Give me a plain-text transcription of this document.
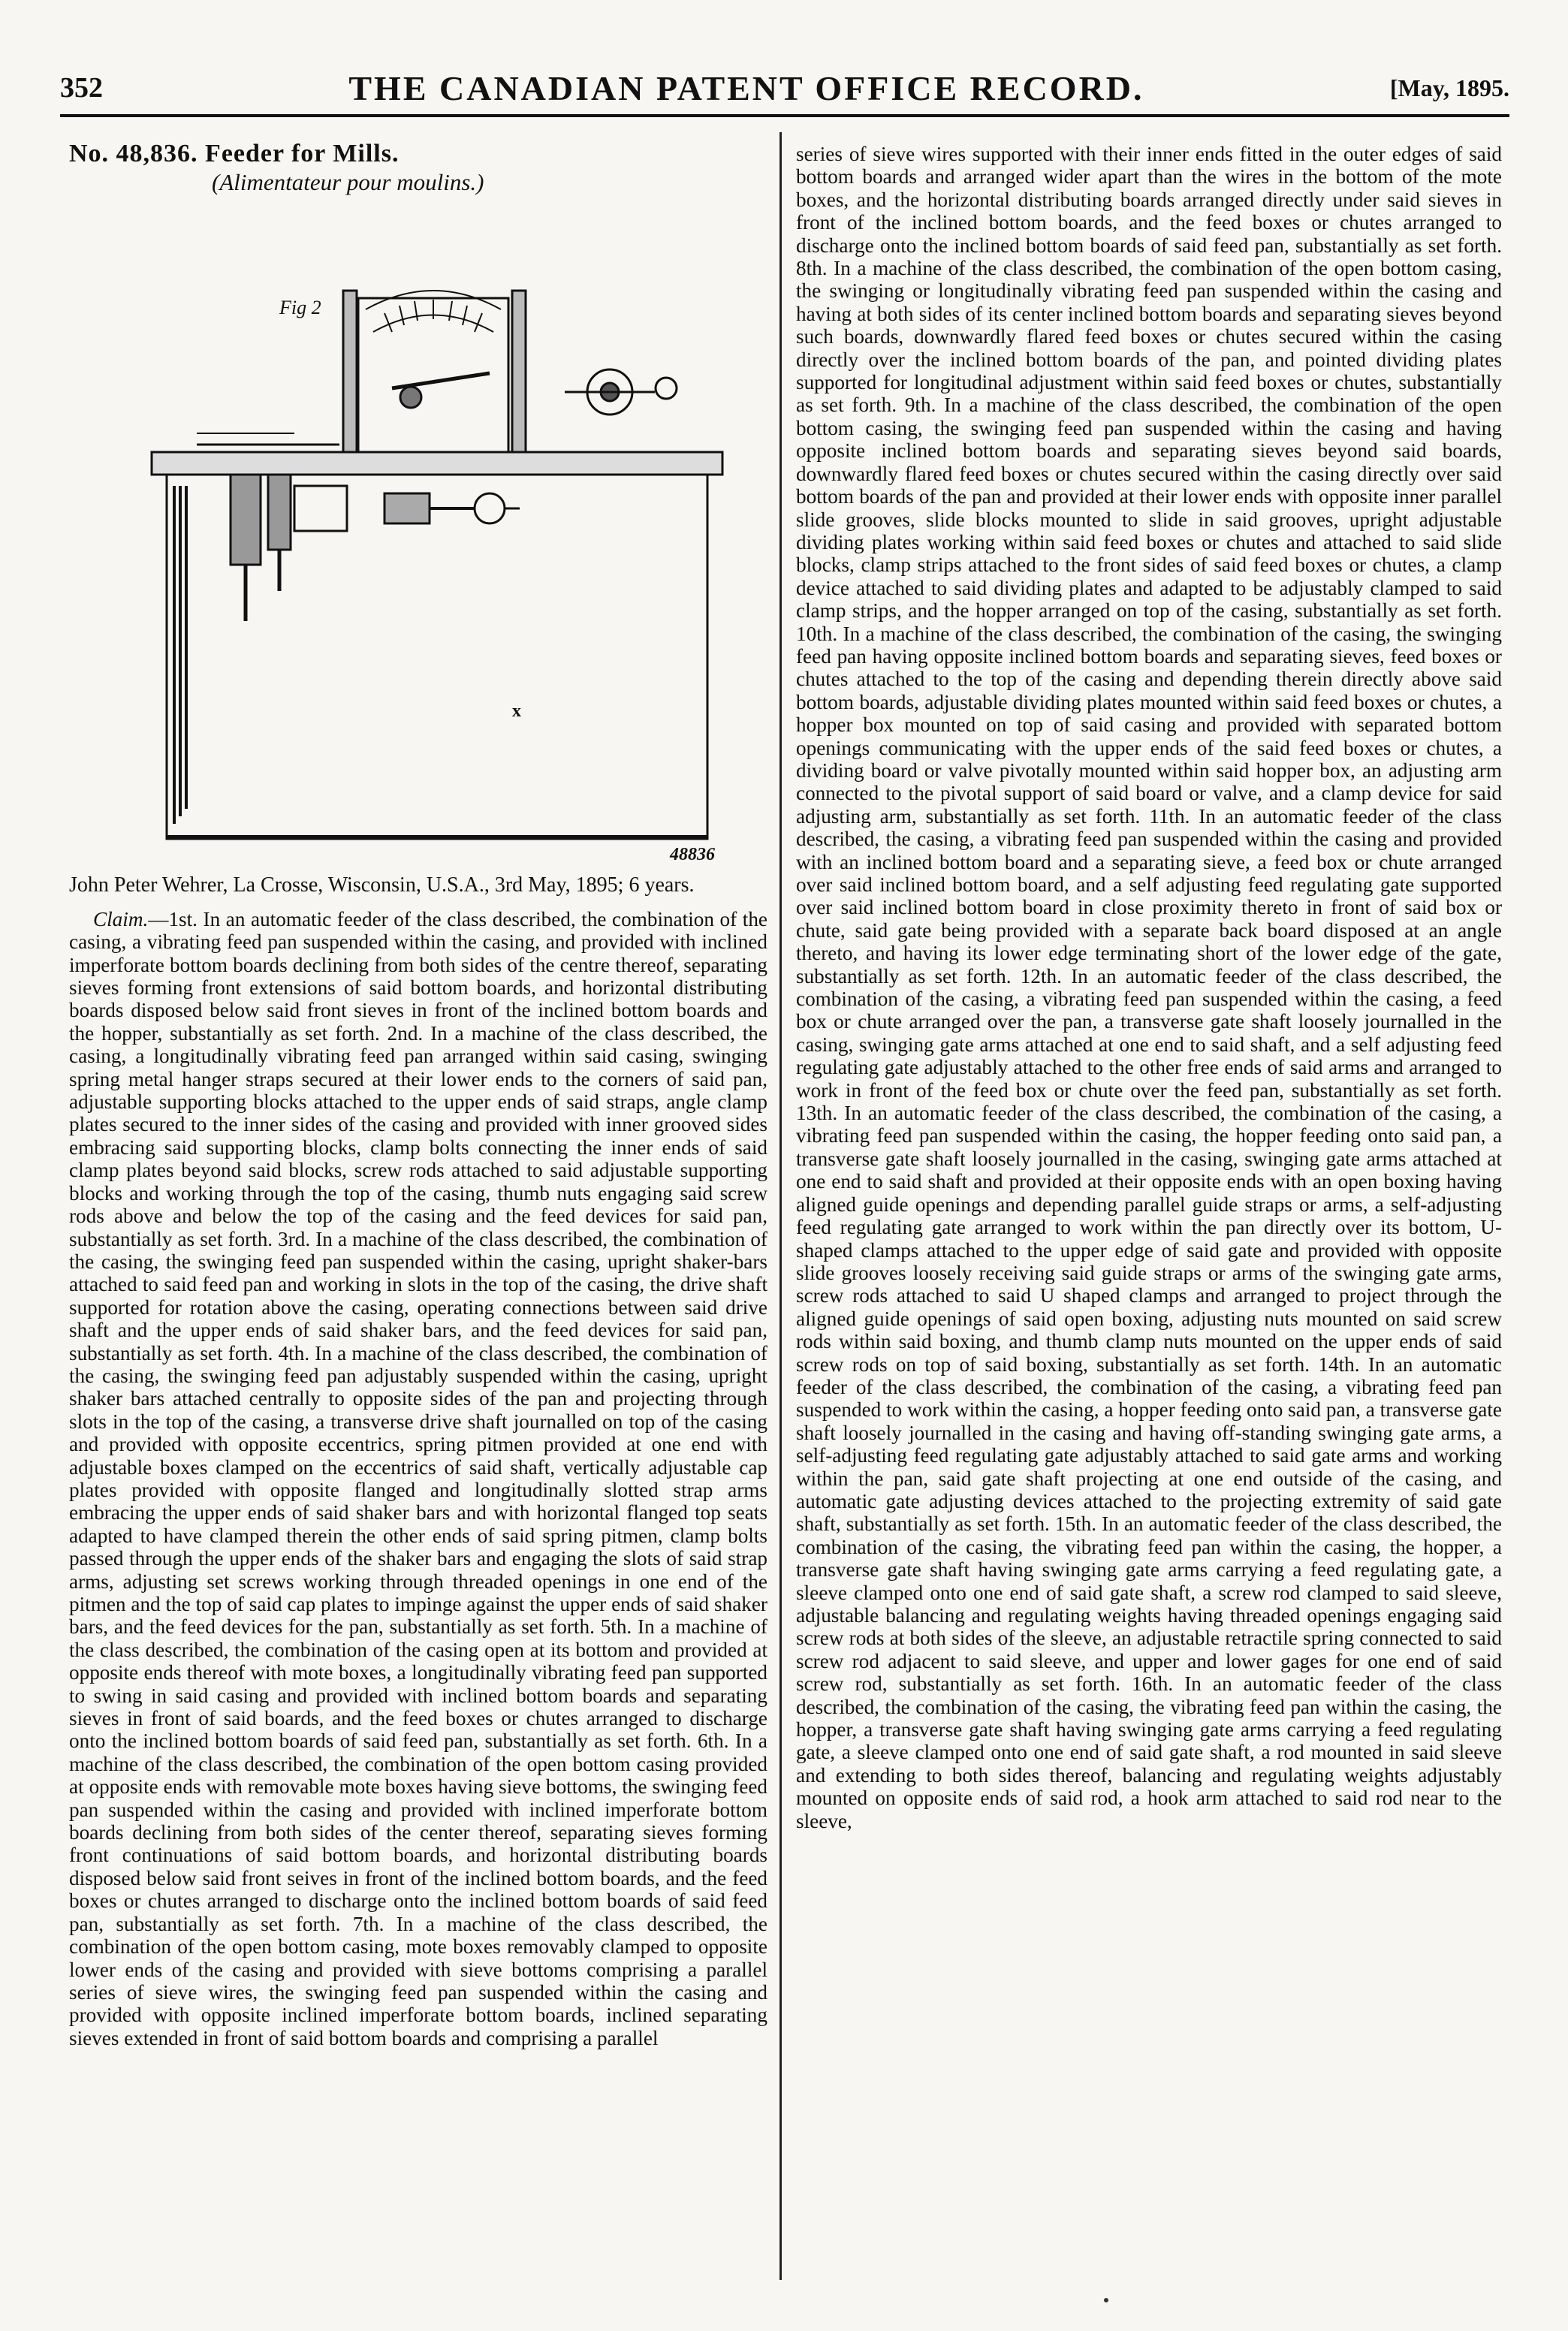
352	THE CANADIAN PATENT OFFICE RECORD.	[May, 1895.

No. 48,836. Feeder for Mills.

(Alimentateur pour moulins.)

Fig 2
x
48836

John Peter Wehrer, La Crosse, Wisconsin, U.S.A., 3rd May, 1895; 6 years.

Claim.—1st. In an automatic feeder of the class described, the combination of the casing, a vibrating feed pan suspended within the casing, and provided with inclined imperforate bottom boards declining from both sides of the centre thereof, separating sieves forming front extensions of said bottom boards, and horizontal distributing boards disposed below said front sieves in front of the inclined bottom boards and the hopper, substantially as set forth. 2nd. In a machine of the class described, the casing, a longitudinally vibrating feed pan arranged within said casing, swinging spring metal hanger straps secured at their lower ends to the corners of said pan, adjustable supporting blocks attached to the upper ends of said straps, angle clamp plates secured to the inner sides of the casing and provided with inner grooved sides embracing said supporting blocks, clamp bolts connecting the inner ends of said clamp plates beyond said blocks, screw rods attached to said adjustable supporting blocks and working through the top of the casing, thumb nuts engaging said screw rods above and below the top of the casing and the feed devices for said pan, substantially as set forth. 3rd. In a machine of the class described, the combination of the casing, the swinging feed pan suspended within the casing, upright shaker-bars attached to said feed pan and working in slots in the top of the casing, the drive shaft supported for rotation above the casing, operating connections between said drive shaft and the upper ends of said shaker bars, and the feed devices for said pan, substantially as set forth. 4th. In a machine of the class described, the combination of the casing, the swinging feed pan adjustably suspended within the casing, upright shaker bars attached centrally to opposite sides of the pan and projecting through slots in the top of the casing, a transverse drive shaft journalled on top of the casing and provided with opposite eccentrics, spring pitmen provided at one end with adjustable boxes clamped on the eccentrics of said shaft, vertically adjustable cap plates provided with opposite flanged and longitudinally slotted strap arms embracing the upper ends of said shaker bars and with horizontal flanged top seats adapted to have clamped therein the other ends of said spring pitmen, clamp bolts passed through the upper ends of the shaker bars and engaging the slots of said strap arms, adjusting set screws working through threaded openings in one end of the pitmen and the top of said cap plates to impinge against the upper ends of said shaker bars, and the feed devices for the pan, substantially as set forth. 5th. In a machine of the class described, the combination of the casing open at its bottom and provided at opposite ends thereof with mote boxes, a longitudinally vibrating feed pan supported to swing in said casing and provided with inclined bottom boards and separating sieves in front of said boards, and the feed boxes or chutes arranged to discharge onto the inclined bottom boards of said feed pan, substantially as set forth. 6th. In a machine of the class described, the combination of the open bottom casing provided at opposite ends with removable mote boxes having sieve bottoms, the swinging feed pan suspended within the casing and provided with inclined imperforate bottom boards declining from both sides of the center thereof, separating sieves forming front continuations of said bottom boards, and horizontal distributing boards disposed below said front seives in front of the inclined bottom boards, and the feed boxes or chutes arranged to discharge onto the inclined bottom boards of said feed pan, substantially as set forth. 7th. In a machine of the class described, the combination of the open bottom casing, mote boxes removably clamped to opposite lower ends of the casing and provided with sieve bottoms comprising a parallel series of sieve wires, the swinging feed pan suspended within the casing and provided with opposite inclined imperforate bottom boards, inclined separating sieves extended in front of said bottom boards and comprising a parallel

series of sieve wires supported with their inner ends fitted in the outer edges of said bottom boards and arranged wider apart than the wires in the bottom of the mote boxes, and the horizontal distributing boards arranged directly under said sieves in front of the inclined bottom boards, and the feed boxes or chutes arranged to discharge onto the inclined bottom boards of said feed pan, substantially as set forth. 8th. In a machine of the class described, the combination of the open bottom casing, the swinging or longitudinally vibrating feed pan suspended within the casing and having at both sides of its center inclined bottom boards and separating sieves beyond such boards, downwardly flared feed boxes or chutes secured within the casing directly over the inclined bottom boards of the pan, and pointed dividing plates supported for longitudinal adjustment within said feed boxes or chutes, substantially as set forth. 9th. In a machine of the class described, the combination of the open bottom casing, the swinging feed pan suspended within the casing and having opposite inclined bottom boards and separating sieves beyond said boards, downwardly flared feed boxes or chutes secured within the casing directly over said bottom boards of the pan and provided at their lower ends with opposite inner parallel slide grooves, slide blocks mounted to slide in said grooves, upright adjustable dividing plates working within said feed boxes or chutes and attached to said slide blocks, clamp strips attached to the front sides of said feed boxes or chutes, a clamp device attached to said dividing plates and adapted to be adjustably clamped to said clamp strips, and the hopper arranged on top of the casing, substantially as set forth. 10th. In a machine of the class described, the combination of the casing, the swinging feed pan having opposite inclined bottom boards and separating sieves, feed boxes or chutes attached to the top of the casing and depending therein directly above said bottom boards, adjustable dividing plates mounted within said feed boxes or chutes, a hopper box mounted on top of said casing and provided with separated bottom openings communicating with the upper ends of the said feed boxes or chutes, a dividing board or valve pivotally mounted within said hopper box, an adjusting arm connected to the pivotal support of said board or valve, and a clamp device for said adjusting arm, substantially as set forth. 11th. In an automatic feeder of the class described, the casing, a vibrating feed pan suspended within the casing and provided with an inclined bottom board and a separating sieve, a feed box or chute arranged over said inclined bottom board, and a self adjusting feed regulating gate supported over said inclined bottom board in close proximity thereto in front of said box or chute, said gate being provided with a separate back board disposed at an angle thereto, and having its lower edge terminating short of the lower edge of the gate, substantially as set forth. 12th. In an automatic feeder of the class described, the combination of the casing, a vibrating feed pan suspended within the casing, a feed box or chute arranged over the pan, a transverse gate shaft loosely journalled in the casing, swinging gate arms attached at one end to said shaft, and a self adjusting feed regulating gate adjustably attached to the other free ends of said arms and arranged to work in front of the feed box or chute over the feed pan, substantially as set forth. 13th. In an automatic feeder of the class described, the combination of the casing, a vibrating feed pan suspended within the casing, the hopper feeding onto said pan, a transverse gate shaft loosely journalled in the casing, swinging gate arms attached at one end to said shaft and provided at their opposite ends with an open boxing having aligned guide openings and depending parallel guide straps or arms, a self-adjusting feed regulating gate arranged to work within the pan directly over its bottom, U-shaped clamps attached to the upper edge of said gate and provided with opposite slide grooves loosely receiving said guide straps or arms of the swinging gate arms, screw rods attached to said U shaped clamps and arranged to project through the aligned guide openings of said open boxing, adjusting nuts mounted on said screw rods within said boxing, and thumb clamp nuts mounted on the upper ends of said screw rods on top of said boxing, substantially as set forth. 14th. In an automatic feeder of the class described, the combination of the casing, a vibrating feed pan suspended to work within the casing, a hopper feeding onto said pan, a transverse gate shaft loosely journalled in the casing and having off-standing swinging gate arms, a self-adjusting feed regulating gate adjustably attached to said gate arms and working within the pan, said gate shaft projecting at one end outside of the casing, and automatic gate adjusting devices attached to the projecting extremity of said gate shaft, substantially as set forth. 15th. In an automatic feeder of the class described, the combination of the casing, the vibrating feed pan within the casing, the hopper, a transverse gate shaft having swinging gate arms carrying a feed regulating gate, a sleeve clamped onto one end of said gate shaft, a screw rod clamped to said sleeve, adjustable balancing and regulating weights having threaded openings engaging said screw rods at both sides of the sleeve, an adjustable retractile spring connected to said screw rod adjacent to said sleeve, and upper and lower gages for one end of said screw rod, substantially as set forth. 16th. In an automatic feeder of the class described, the combination of the casing, the vibrating feed pan within the casing, the hopper, a transverse gate shaft having swinging gate arms carrying a feed regulating gate, a sleeve clamped onto one end of said gate shaft, a rod mounted in said sleeve and extending to both sides thereof, balancing and regulating weights adjustably mounted on opposite ends of said rod, a hook arm attached to said rod near to the sleeve,
